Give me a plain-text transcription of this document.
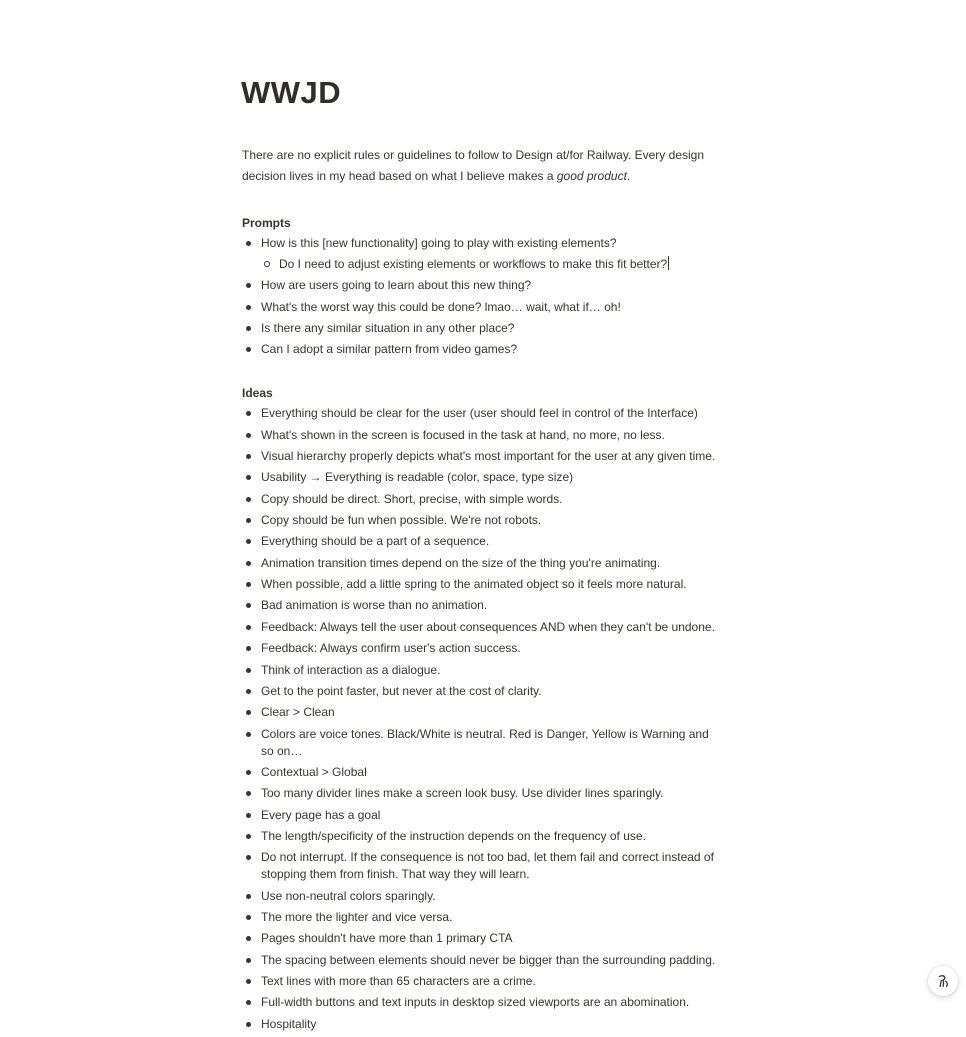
WWJD

There are no explicit rules or guidelines to follow to Design at/for Railway. Every design decision lives in my head based on what I believe makes a good product.

Prompts

How is this [new functionality] going to play with existing elements?
Do I need to adjust existing elements or workflows to make this fit better?
How are users going to learn about this new thing?
What's the worst way this could be done? lmao… wait, what if… oh!
Is there any similar situation in any other place?
Can I adopt a similar pattern from video games?

Ideas

Everything should be clear for the user (user should feel in control of the Interface)
What's shown in the screen is focused in the task at hand, no more, no less.
Visual hierarchy properly depicts what's most important for the user at any given time.
Usability → Everything is readable (color, space, type size)
Copy should be direct. Short, precise, with simple words.
Copy should be fun when possible. We're not robots.
Everything should be a part of a sequence.
Animation transition times depend on the size of the thing you're animating.
When possible, add a little spring to the animated object so it feels more natural.
Bad animation is worse than no animation.
Feedback: Always tell the user about consequences AND when they can't be undone.
Feedback: Always confirm user's action success.
Think of interaction as a dialogue.
Get to the point faster, but never at the cost of clarity.
Clear > Clean
Colors are voice tones. Black/White is neutral. Red is Danger, Yellow is Warning and so on…
Contextual > Global
Too many divider lines make a screen look busy. Use divider lines sparingly.
Every page has a goal
The length/specificity of the instruction depends on the frequency of use.
Do not interrupt. If the consequence is not too bad, let them fail and correct instead of stopping them from finish. That way they will learn.
Use non-neutral colors sparingly.
The more the lighter and vice versa.
Pages shouldn't have more than 1 primary CTA
The spacing between elements should never be bigger than the surrounding padding.
Text lines with more than 65 characters are a crime.
Full-width buttons and text inputs in desktop sized viewports are an abomination.
Hospitality
